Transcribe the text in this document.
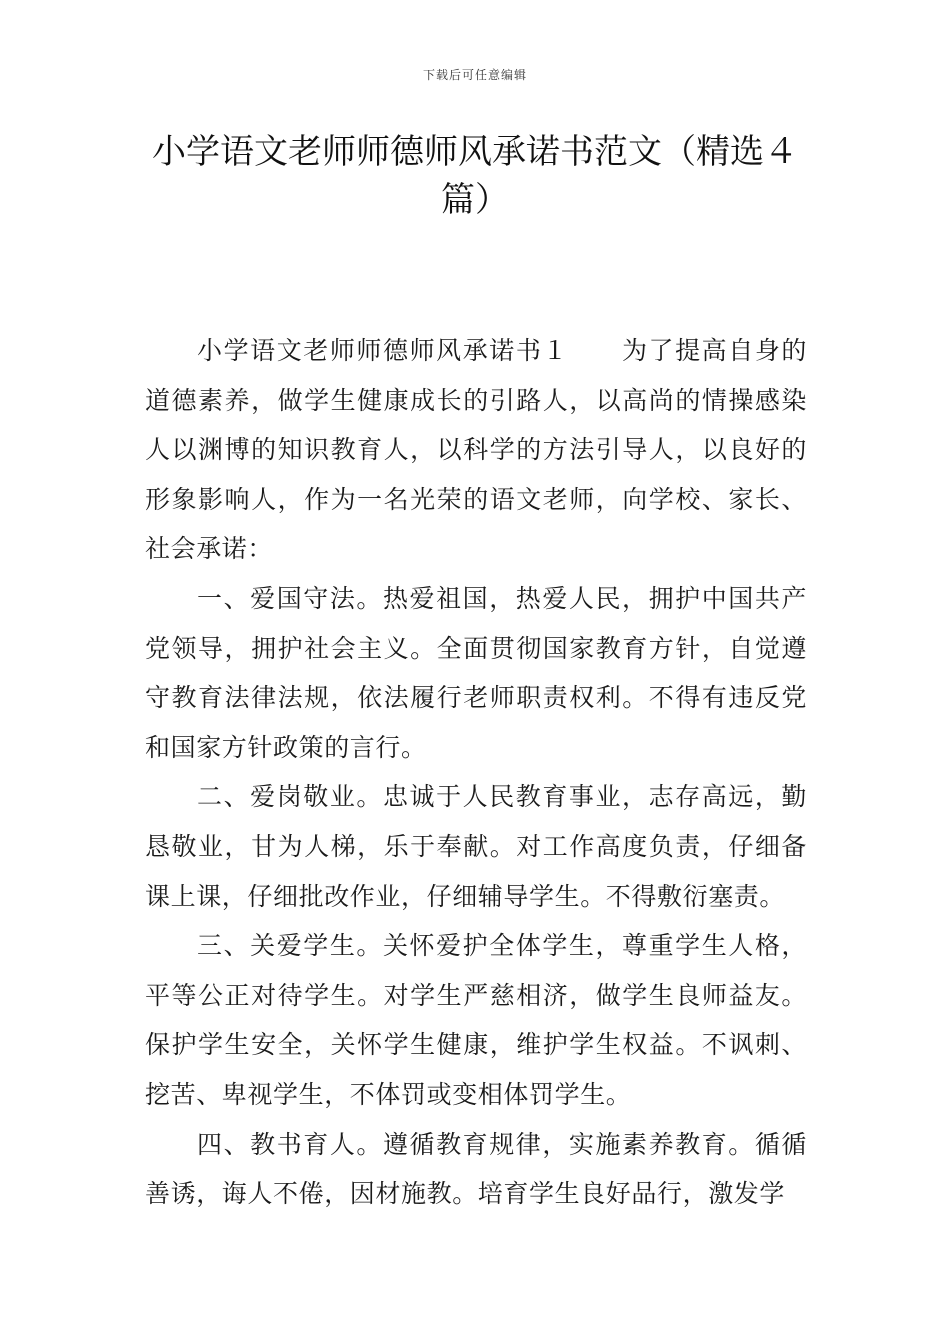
下载后可任意编辑
小学语文老师师德师风承诺书范文（精选４篇）

小学语文老师师德师风承诺书１ 为了提高自身的道德素养，做学生健康成长的引路人，以高尚的情操感染人以渊博的知识教育人，以科学的方法引导人，以良好的形象影响人，作为一名光荣的语文老师，向学校、家长、社会承诺：

一、爱国守法。热爱祖国，热爱人民，拥护中国共产党领导，拥护社会主义。全面贯彻国家教育方针，自觉遵守教育法律法规，依法履行老师职责权利。不得有违反党和国家方针政策的言行。

二、爱岗敬业。忠诚于人民教育事业，志存高远，勤恳敬业，甘为人梯，乐于奉献。对工作高度负责，仔细备课上课，仔细批改作业，仔细辅导学生。不得敷衍塞责。

三、关爱学生。关怀爱护全体学生，尊重学生人格，平等公正对待学生。对学生严慈相济，做学生良师益友。保护学生安全，关怀学生健康，维护学生权益。不讽刺、挖苦、卑视学生，不体罚或变相体罚学生。

四、教书育人。遵循教育规律，实施素养教育。循循善诱，诲人不倦，因材施教。培育学生良好品行，激发学
